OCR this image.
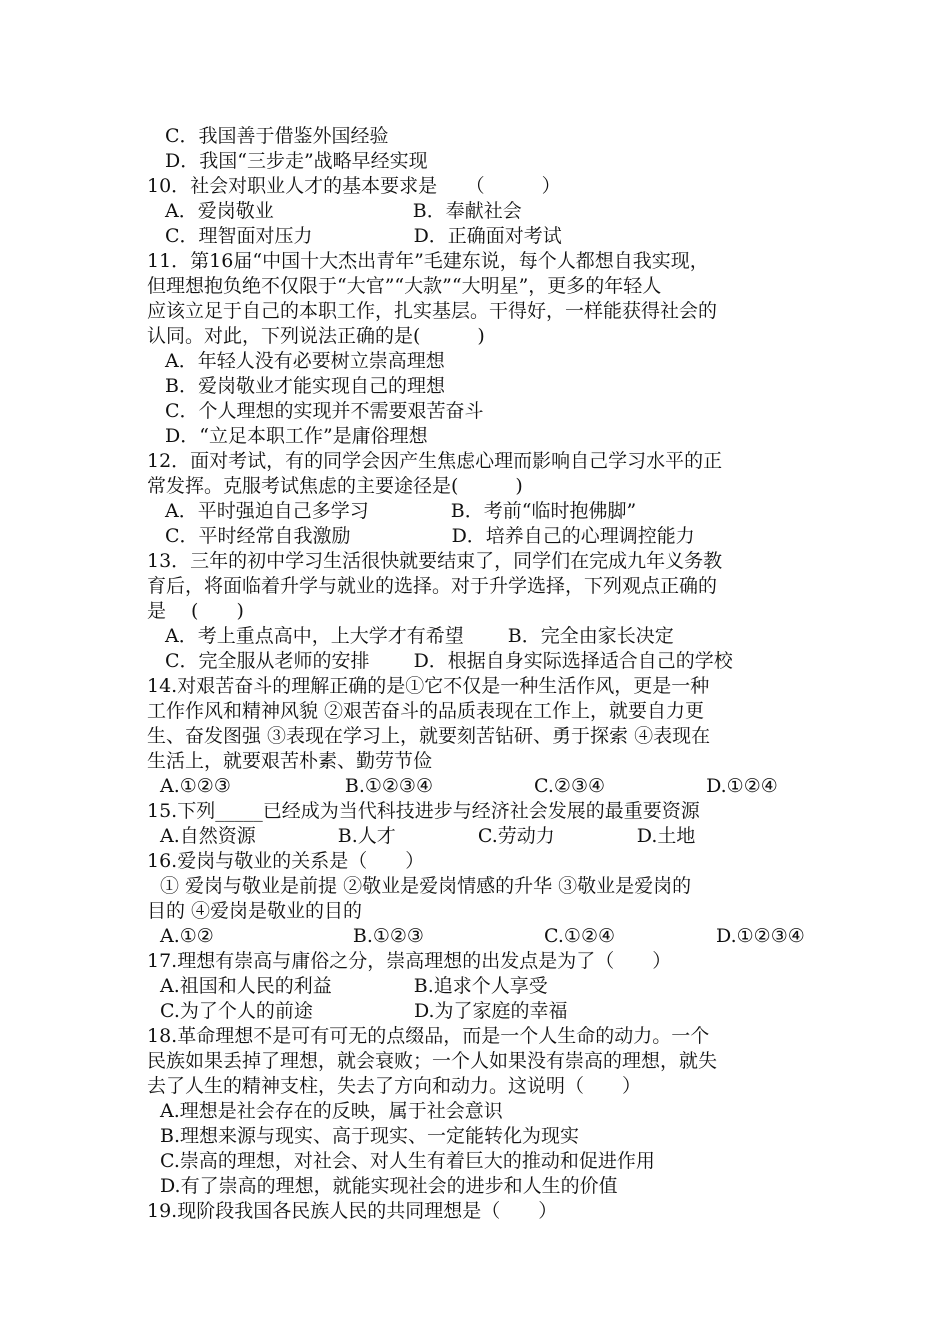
C．我国善于借鉴外国经验
D．我国“三步走”战略早经实现
10．社会对职业人才的基本要求是　　（　　　）
A．爱岗敬业　　　　　　　 B．奉献社会
C．理智面对压力　　　　　 D．正确面对考试
11．第16届“中国十大杰出青年”毛建东说，每个人都想自我实现，
但理想抱负绝不仅限于“大官”“大款”“大明星”，更多的年轻人
应该立足于自己的本职工作，扎实基层。干得好，一样能获得社会的
认同。对此，下列说法正确的是(　　　)
A．年轻人没有必要树立崇高理想
B．爱岗敬业才能实现自己的理想
C．个人理想的实现并不需要艰苦奋斗
D．“立足本职工作”是庸俗理想
12．面对考试，有的同学会因产生焦虑心理而影响自己学习水平的正
常发挥。克服考试焦虑的主要途径是(　　　)
A．平时强迫自己多学习　　　　 B．考前“临时抱佛脚”
C．平时经常自我激励　　　　　 D．培养自己的心理调控能力
13．三年的初中学习生活很快就要结束了，同学们在完成九年义务教
育后，将面临着升学与就业的选择。对于升学选择，下列观点正确的
是　 (　　)
A．考上重点高中，上大学才有希望　　 B．完全由家长决定
C．完全服从老师的安排　　 D．根据自身实际选择适合自己的学校
14.对艰苦奋斗的理解正确的是①它不仅是一种生活作风，更是一种
工作作风和精神风貌 ②艰苦奋斗的品质表现在工作上，就要自力更
生、奋发图强 ③表现在学习上，就要刻苦钻研、勇于探索 ④表现在
生活上，就要艰苦朴素、勤劳节俭
A.①②③　　　　　　B.①②③④　　　　　 C.②③④　　　　　 D.①②④
15.下列_____已经成为当代科技进步与经济社会发展的最重要资源
A.自然资源　　　　 B.人才　　　　 C.劳动力　　　　 D.土地
16.爱岗与敬业的关系是（　　）
① 爱岗与敬业是前提 ②敬业是爱岗情感的升华 ③敬业是爱岗的
目的 ④爱岗是敬业的目的
A.①②　　　　　　　 B.①②③　　　　　　 C.①②④　　　　　 D.①②③④
17.理想有崇高与庸俗之分，崇高理想的出发点是为了（　　）
A.祖国和人民的利益　　　　 B.追求个人享受
C.为了个人的前途　　　　　 D.为了家庭的幸福
18.革命理想不是可有可无的点缀品，而是一个人生命的动力。一个
民族如果丢掉了理想，就会衰败；一个人如果没有崇高的理想，就失
去了人生的精神支柱，失去了方向和动力。这说明（　　）
A.理想是社会存在的反映，属于社会意识
B.理想来源与现实、高于现实、一定能转化为现实
C.崇高的理想，对社会、对人生有着巨大的推动和促进作用
D.有了崇高的理想，就能实现社会的进步和人生的价值
19.现阶段我国各民族人民的共同理想是（　　）
